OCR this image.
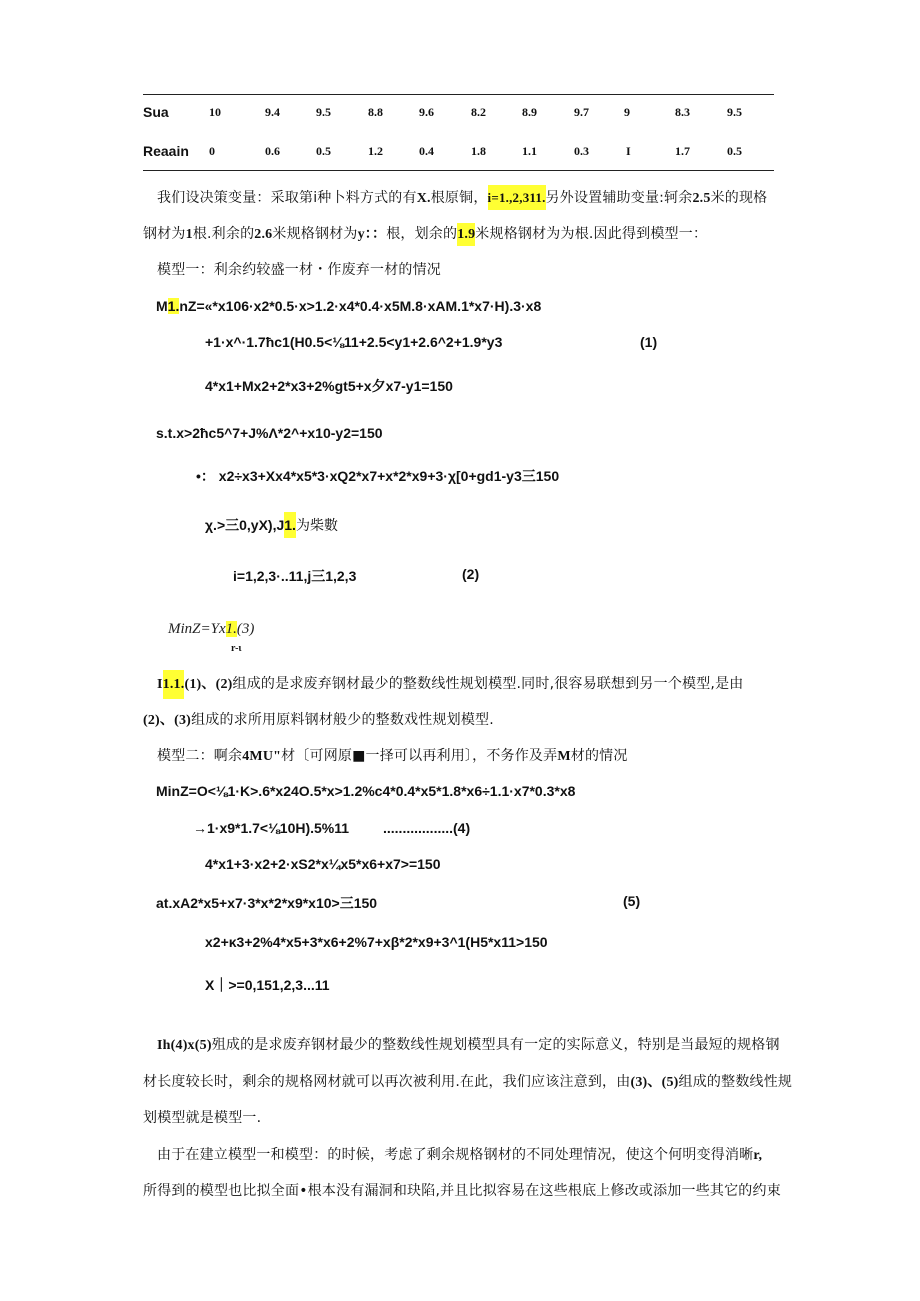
Sua	10	9.4	9.5	8.8	9.6	8.2	8.9	9.7	9	8.3	9.5
Reaain 0	0.6	0.5	1.2	0.4	1.8	1.1	0.3	I	1.7	0.5
我们设决策变量：采取第i种卜料方式的有X.根原铜，i=1.,2,311.另外设置辅助变量:轲余2.5米的现格
钢材为1根.利余的2.6米规格钢材为y：：根，划余的1.9米规格钢材为为根.因此得到模型一：
模型一：利余约较盛一材・作废弃一材的情况
M1.nZ=«*x106·x2*0.5·x>1.2·x4*0.4·x5M.8·xAM.1*x7·H).3·x8
+1·x^·1.7ħc1(H0.5<⅛11+2.5<y1+2.6^2+1.9*y3	(1)
4*x1+Mx2+2*x3+2%gt5+x夕x7-y1=150
s.t.x>2ħc5^7+J%Λ*2^+x10-y2=150
•： x2÷x3+Xx4*x5*3·xQ2*x7+x*2*x9+3·χ[0+gd1-y3三150
χ.>三0,yX),J1.为柴數
i=1,2,3·..11,j三1,2,3	(2)
MinZ=Yx1.(3)
r-ι
I1.1.(1)、(2)组成的是求废弃钢材最少的整数线性规划模型.同时,很容易联想到另一个模型,是由
(2)、(3)组成的求所用原料钢材般少的整数戏性规划模型.
模型二：啊余4MU"材〔可网原■一择可以再利用〕，不务作及弄M材的情况
MinZ=O<⅛1·K>.6*x24O.5*x>1.2%c4*0.4*x5*1.8*x6÷1.1·x7*0.3*x8
→1·x9*1.7<⅛10H).5%11 ..................(4)
4*x1+3·x2+2·xS2*x¼x5*x6+x7>=150
at.xA2*x5+x7·3*x*2*x9*x10>三150	(5)
x2+κ3+2%4*x5+3*x6+2%7+xβ*2*x9+3^1(H5*x11>150
X｜>=0,151,2,3...11
Ih(4)x(5)殂成的是求废弃钢材最少的整数线性规划模型具有一定的实际意义，特别是当最短的规格钢
材长度较长时，剩余的规格网材就可以再次被利用.在此，我们应该注意到，由(3)、(5)组成的整数线性规
划模型就是模型一.
由于在建立模型一和模型：的时候，考虑了剩余规格钢材的不同处理情况，使这个何明变得消晰r,
所得到的模型也比拟全面•根本没有漏洞和玦陷,并且比拟容易在这些根底上修改或添加一些其它的约束
